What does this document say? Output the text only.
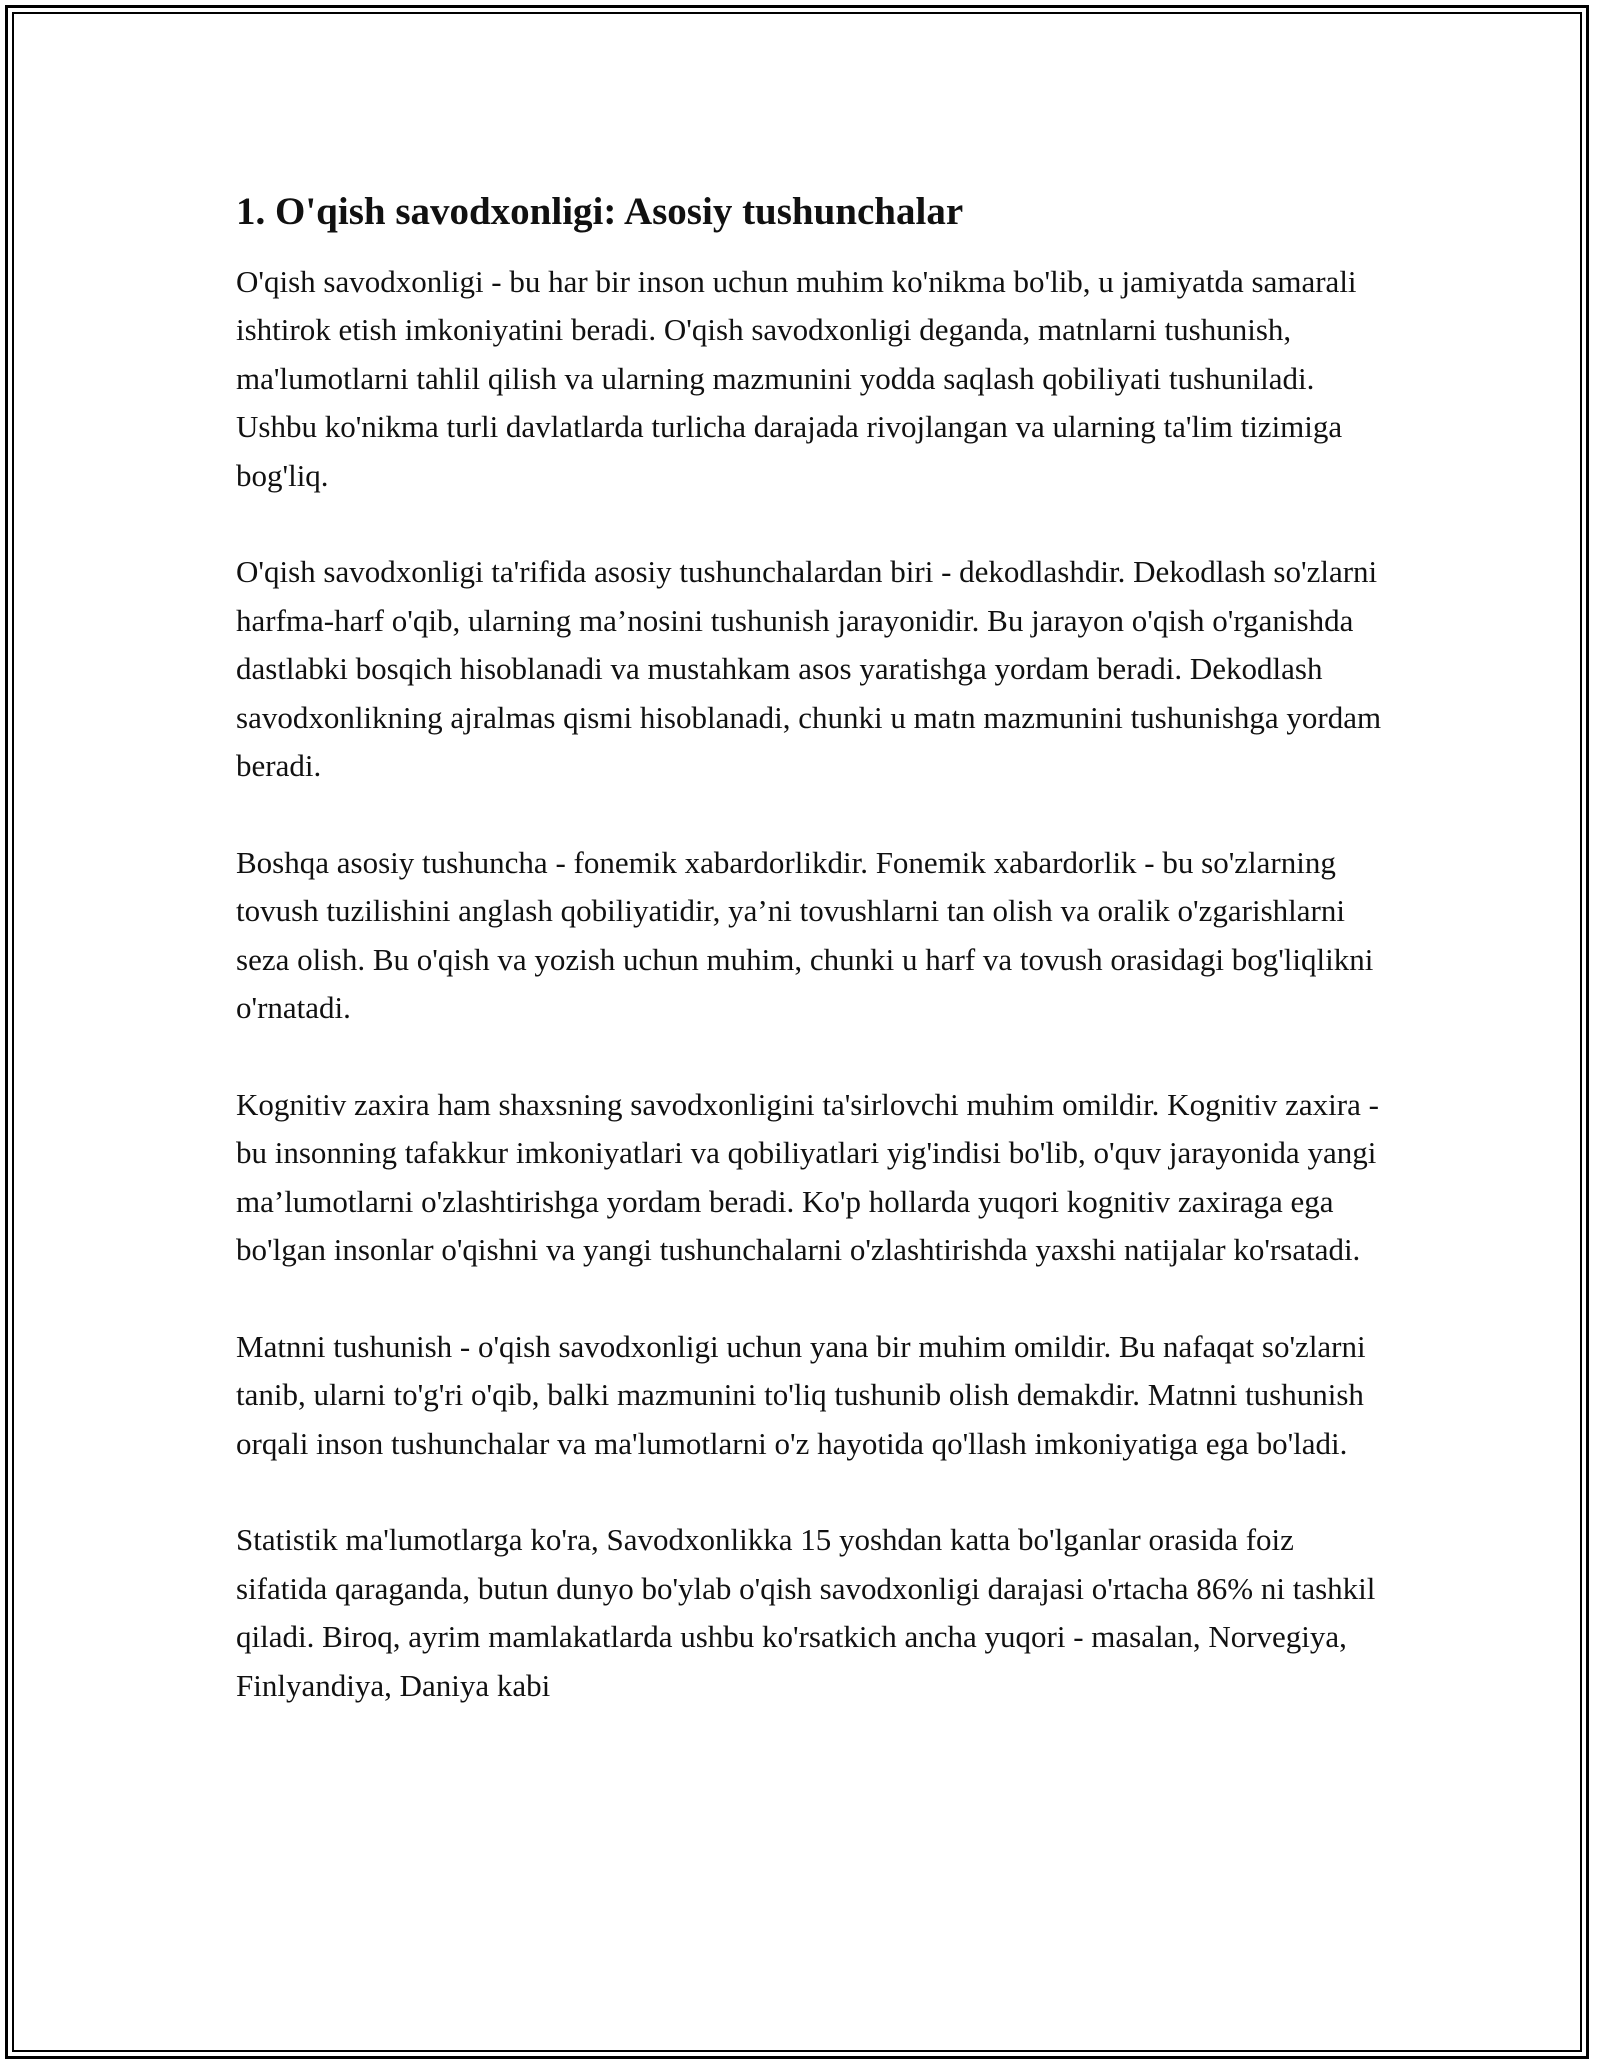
1. O'qish savodxonligi: Asosiy tushunchalar

O'qish savodxonligi - bu har bir inson uchun muhim ko'nikma bo'lib, u jamiyatda samarali ishtirok etish imkoniyatini beradi. O'qish savodxonligi deganda, matnlarni tushunish, ma'lumotlarni tahlil qilish va ularning mazmunini yodda saqlash qobiliyati tushuniladi. Ushbu ko'nikma turli davlatlarda turlicha darajada rivojlangan va ularning ta'lim tizimiga bog'liq.

O'qish savodxonligi ta'rifida asosiy tushunchalardan biri - dekodlashdir. Dekodlash so'zlarni harfma-harf o'qib, ularning ma’nosini tushunish jarayonidir. Bu jarayon o'qish o'rganishda dastlabki bosqich hisoblanadi va mustahkam asos yaratishga yordam beradi. Dekodlash savodxonlikning ajralmas qismi hisoblanadi, chunki u matn mazmunini tushunishga yordam beradi.

Boshqa asosiy tushuncha - fonemik xabardorlikdir. Fonemik xabardorlik - bu so'zlarning tovush tuzilishini anglash qobiliyatidir, ya’ni tovushlarni tan olish va oralik o'zgarishlarni seza olish. Bu o'qish va yozish uchun muhim, chunki u harf va tovush orasidagi bog'liqlikni o'rnatadi.

Kognitiv zaxira ham shaxsning savodxonligini ta'sirlovchi muhim omildir. Kognitiv zaxira - bu insonning tafakkur imkoniyatlari va qobiliyatlari yig'indisi bo'lib, o'quv jarayonida yangi ma’lumotlarni o'zlashtirishga yordam beradi. Ko'p hollarda yuqori kognitiv zaxiraga ega bo'lgan insonlar o'qishni va yangi tushunchalarni o'zlashtirishda yaxshi natijalar ko'rsatadi.

Matnni tushunish - o'qish savodxonligi uchun yana bir muhim omildir. Bu nafaqat so'zlarni tanib, ularni to'g'ri o'qib, balki mazmunini to'liq tushunib olish demakdir. Matnni tushunish orqali inson tushunchalar va ma'lumotlarni o'z hayotida qo'llash imkoniyatiga ega bo'ladi.

Statistik ma'lumotlarga ko'ra, Savodxonlikka 15 yoshdan katta bo'lganlar orasida foiz sifatida qaraganda, butun dunyo bo'ylab o'qish savodxonligi darajasi o'rtacha 86% ni tashkil qiladi. Biroq, ayrim mamlakatlarda ushbu ko'rsatkich ancha yuqori - masalan, Norvegiya, Finlyandiya, Daniya kabi
